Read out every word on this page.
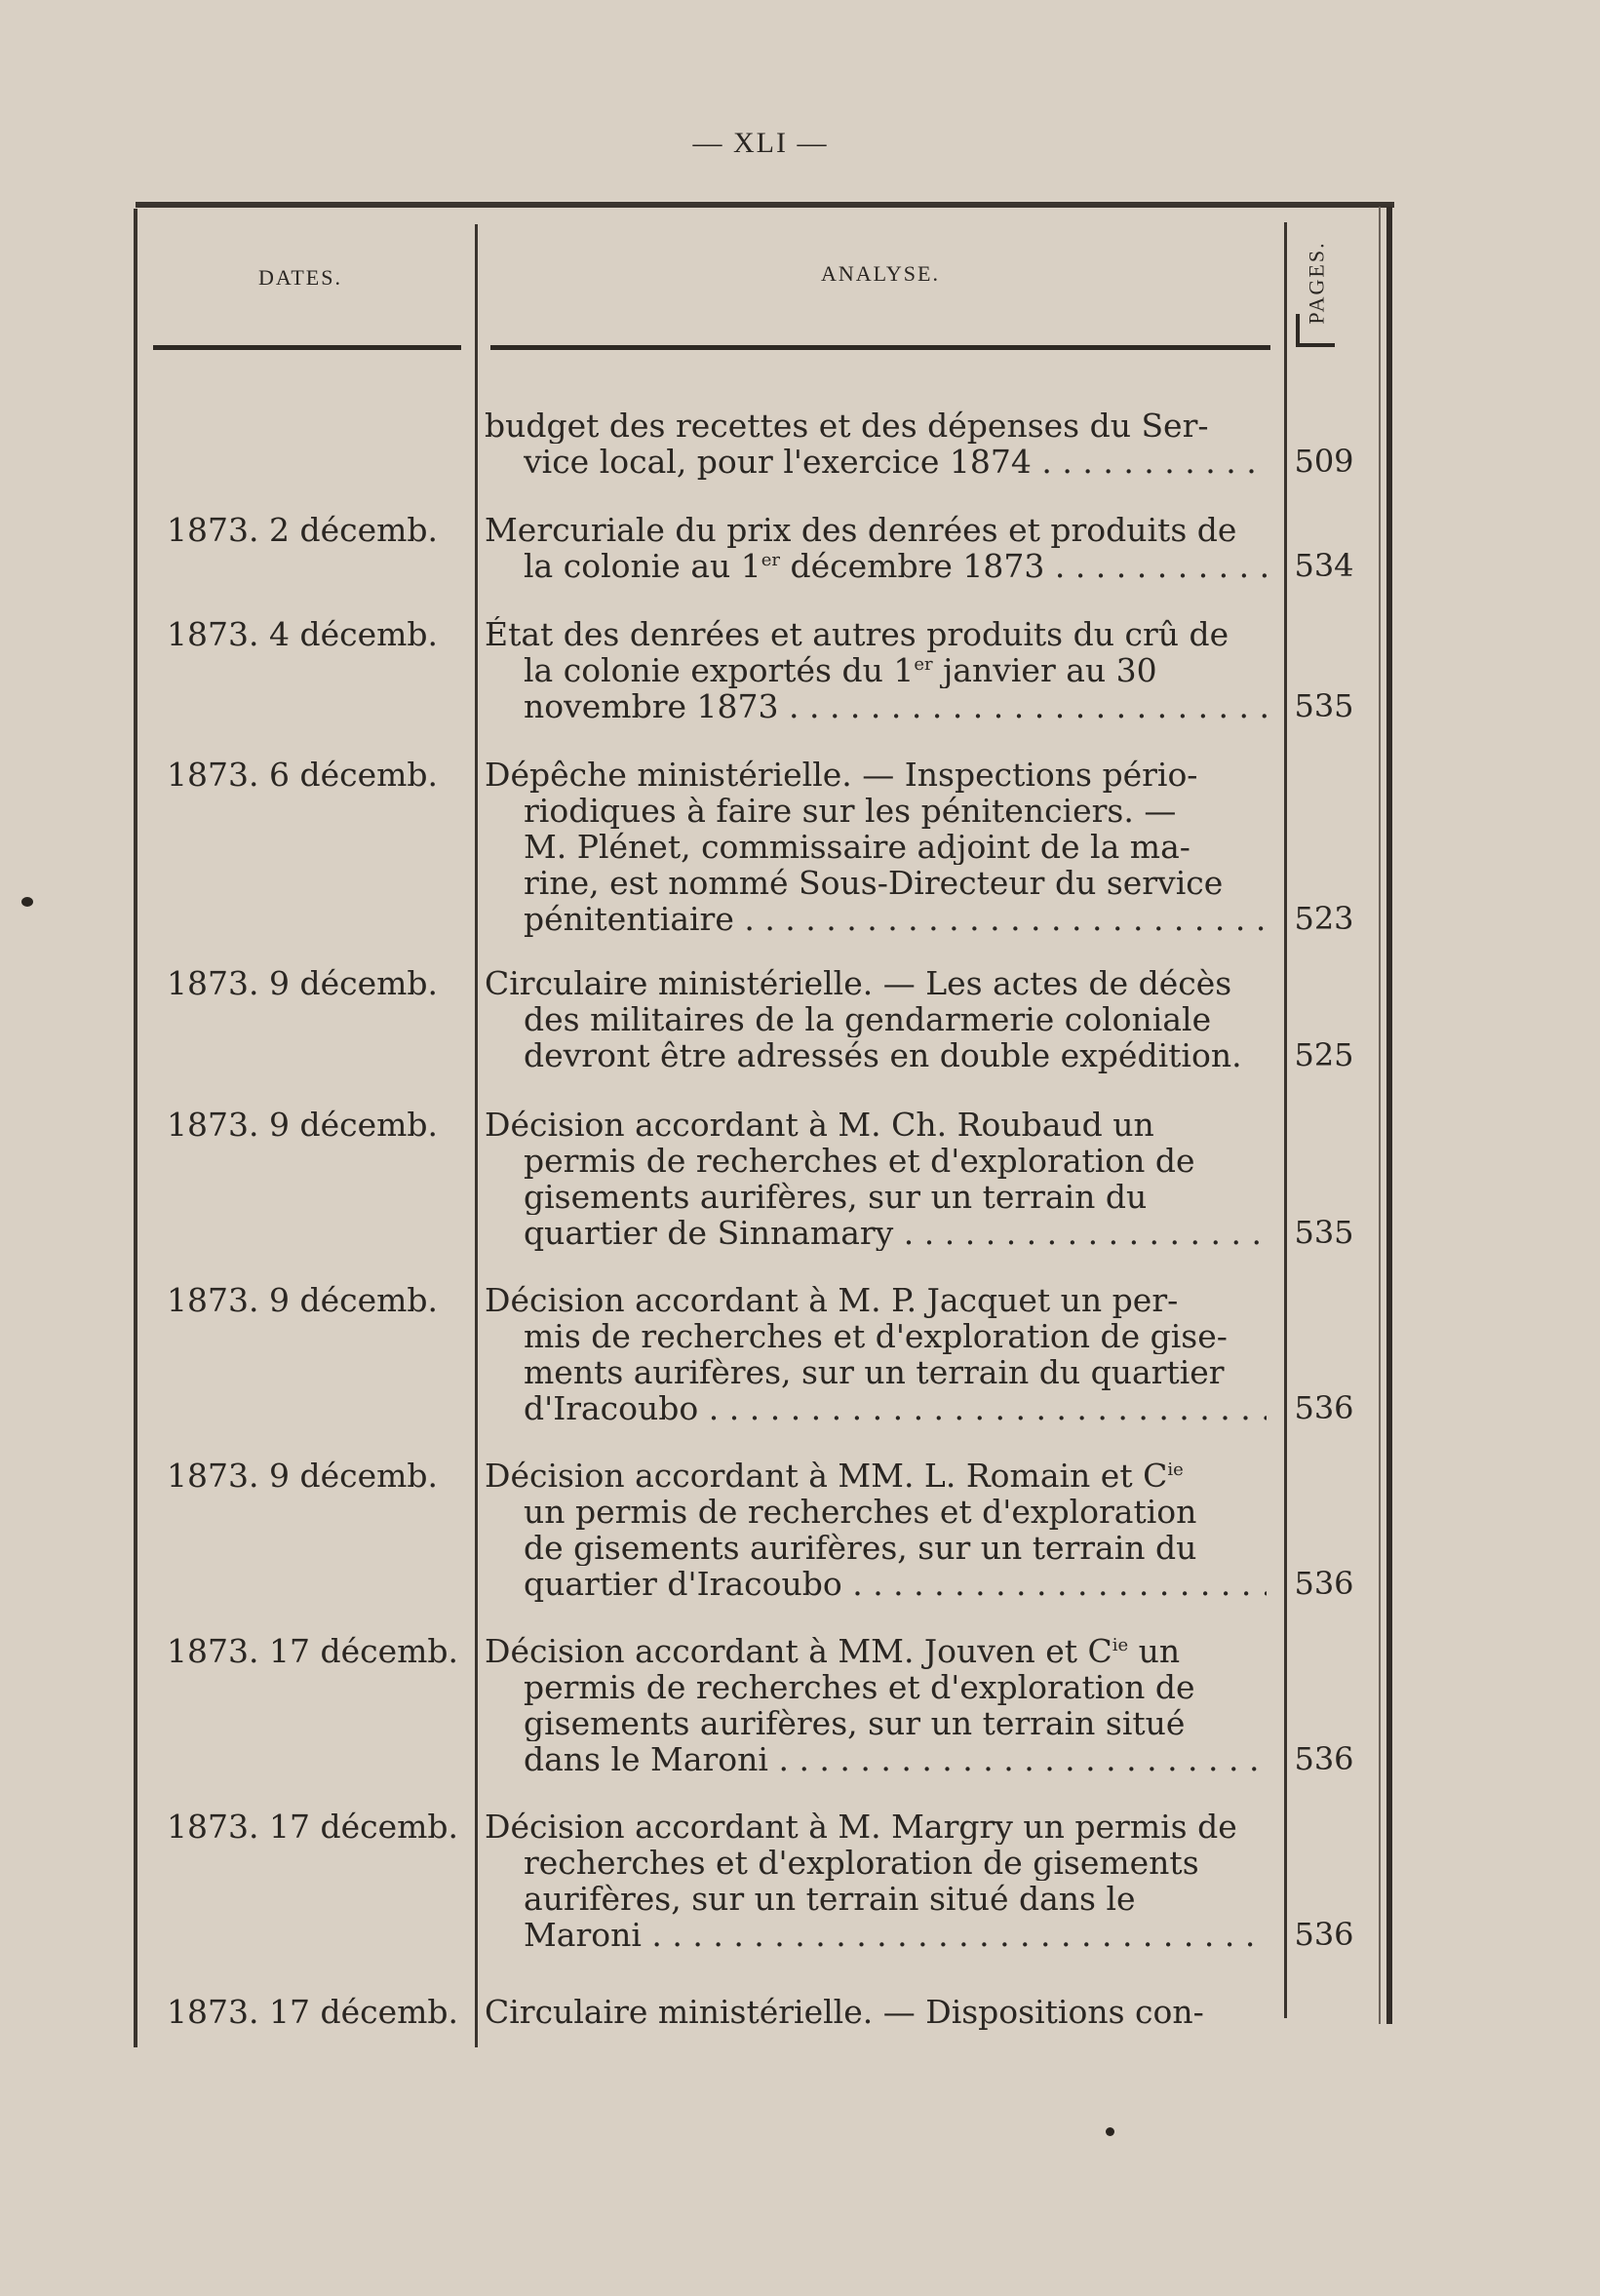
— XLI —
DATES.	ANALYSE.	PAGES.
budget des recettes et des dépenses du Ser-
vice local, pour l'exercice 1874 . . .	509
1873. 2 décemb.	Mercuriale du prix des denrées et produits de
la colonie au 1er décembre 1873 . . .	534
1873. 4 décemb.	État des denrées et autres produits du crû de
la colonie exportés du 1er janvier au 30
novembre 1873 . . .	535
1873. 6 décemb.	Dépêche ministérielle. — Inspections pério-
riodiques à faire sur les pénitenciers. —
M. Plénet, commissaire adjoint de la ma-
rine, est nommé Sous-Directeur du service
pénitentiaire . . .	523
1873. 9 décemb.	Circulaire ministérielle. — Les actes de décès
des militaires de la gendarmerie coloniale
devront être adressés en double expédition.	525
1873. 9 décemb.	Décision accordant à M. Ch. Roubaud un
permis de recherches et d'exploration de
gisements aurifères, sur un terrain du
quartier de Sinnamary . . .	535
1873. 9 décemb.	Décision accordant à M. P. Jacquet un per-
mis de recherches et d'exploration de gise-
ments aurifères, sur un terrain du quartier
d'Iracoubo . . .	536
1873. 9 décemb.	Décision accordant à MM. L. Romain et $C^{ie}$
un permis de recherches et d'exploration
de gisements aurifères, sur un terrain du
quartier d'Iracoubo . . .	536
1873. 17 décemb. Décision accordant à MM. Jouven et $C^{ie}$ un
permis de recherches et d'exploration de
gisements aurifères, sur un terrain situé
dans le Maroni . . .	536
1873. 17 décemb. Décision accordant à M. Margry un permis de
recherches et d'exploration de gisements
aurifères, sur un terrain situé dans le
Maroni . . .	536
1873. 17 décemb. Circulaire ministérielle. — Dispositions con-
